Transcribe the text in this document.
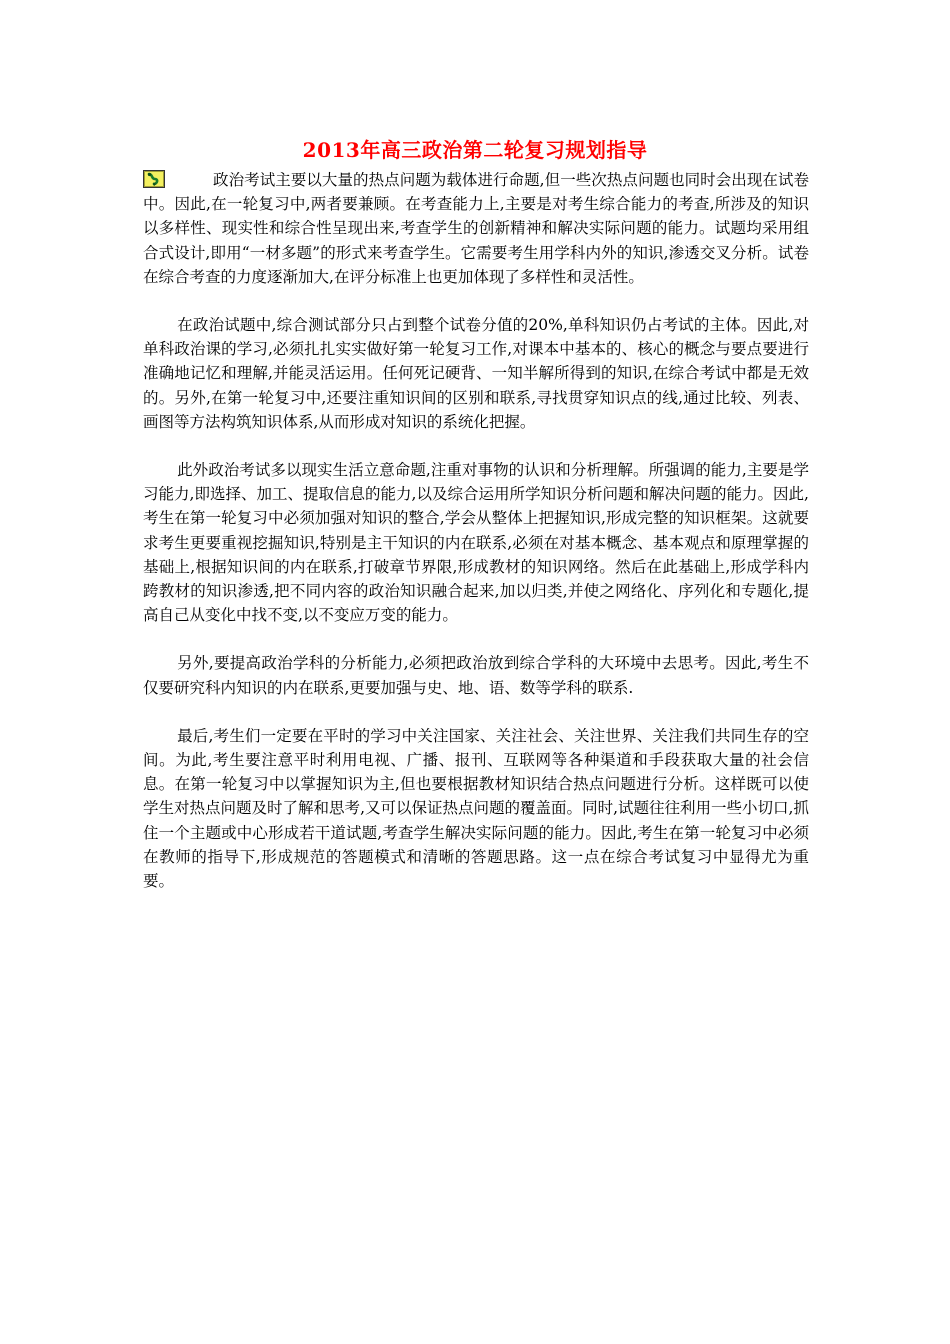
2013年高三政治第二轮复习规划指导

政治考试主要以大量的热点问题为载体进行命题,但一些次热点问题也同时会出现在试卷中。因此,在一轮复习中,两者要兼顾。在考查能力上,主要是对考生综合能力的考查,所涉及的知识以多样性、现实性和综合性呈现出来,考查学生的创新精神和解决实际问题的能力。试题均采用组合式设计,即用“一材多题”的形式来考查学生。它需要考生用学科内外的知识,渗透交叉分析。试卷在综合考查的力度逐渐加大,在评分标准上也更加体现了多样性和灵活性。

在政治试题中,综合测试部分只占到整个试卷分值的20%,单科知识仍占考试的主体。因此,对单科政治课的学习,必须扎扎实实做好第一轮复习工作,对课本中基本的、核心的概念与要点要进行准确地记忆和理解,并能灵活运用。任何死记硬背、一知半解所得到的知识,在综合考试中都是无效的。另外,在第一轮复习中,还要注重知识间的区别和联系,寻找贯穿知识点的线,通过比较、列表、画图等方法构筑知识体系,从而形成对知识的系统化把握。

此外政治考试多以现实生活立意命题,注重对事物的认识和分析理解。所强调的能力,主要是学习能力,即选择、加工、提取信息的能力,以及综合运用所学知识分析问题和解决问题的能力。因此,考生在第一轮复习中必须加强对知识的整合,学会从整体上把握知识,形成完整的知识框架。这就要求考生更要重视挖掘知识,特别是主干知识的内在联系,必须在对基本概念、基本观点和原理掌握的基础上,根据知识间的内在联系,打破章节界限,形成教材的知识网络。然后在此基础上,形成学科内跨教材的知识渗透,把不同内容的政治知识融合起来,加以归类,并使之网络化、序列化和专题化,提高自己从变化中找不变,以不变应万变的能力。

另外,要提高政治学科的分析能力,必须把政治放到综合学科的大环境中去思考。因此,考生不仅要研究科内知识的内在联系,更要加强与史、地、语、数等学科的联系.

最后,考生们一定要在平时的学习中关注国家、关注社会、关注世界、关注我们共同生存的空间。为此,考生要注意平时利用电视、广播、报刊、互联网等各种渠道和手段获取大量的社会信息。在第一轮复习中以掌握知识为主,但也要根据教材知识结合热点问题进行分析。这样既可以使学生对热点问题及时了解和思考,又可以保证热点问题的覆盖面。同时,试题往往利用一些小切口,抓住一个主题或中心形成若干道试题,考查学生解决实际问题的能力。因此,考生在第一轮复习中必须在教师的指导下,形成规范的答题模式和清晰的答题思路。这一点在综合考试复习中显得尤为重要。
